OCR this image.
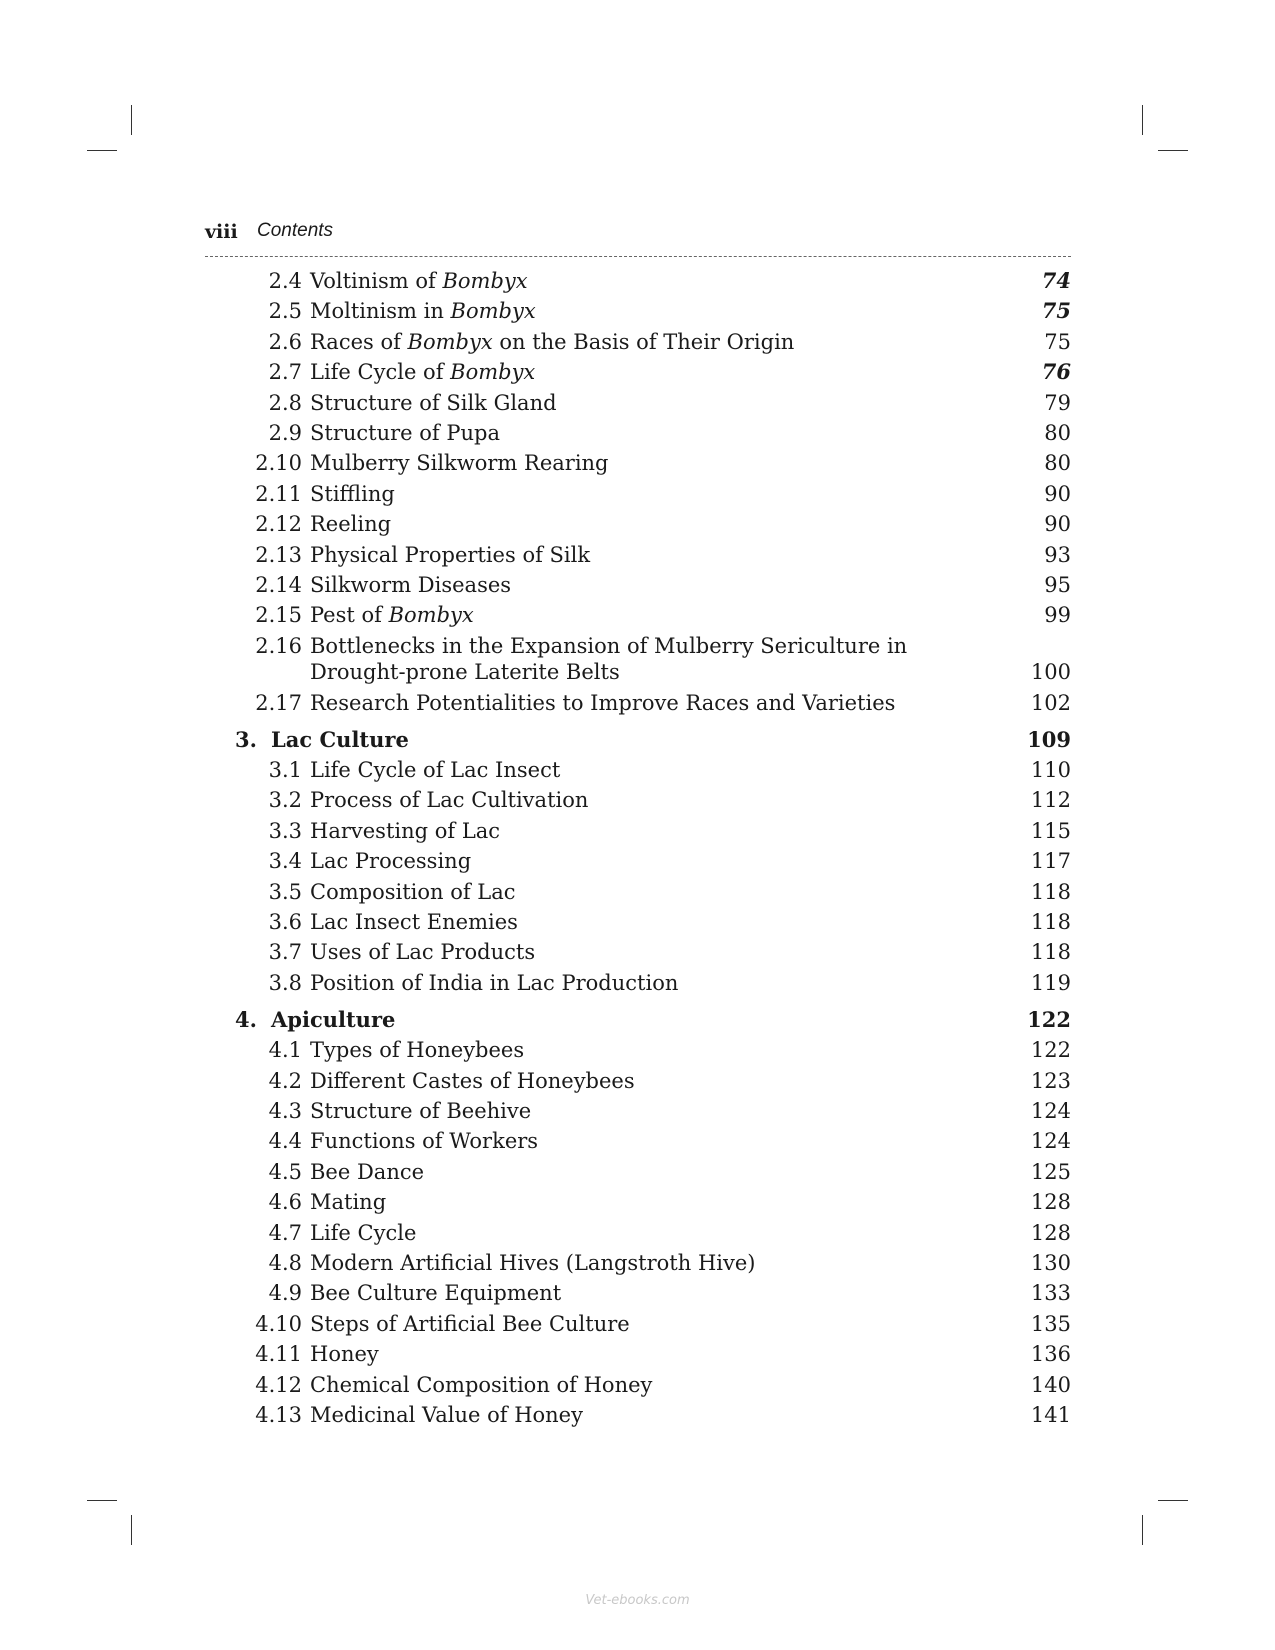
viii Contents
2.4 Voltinism of Bombyx	74
2.5 Moltinism in Bombyx	75
2.6 Races of Bombyx on the Basis of Their Origin	75
2.7 Life Cycle of Bombyx	76
2.8 Structure of Silk Gland	79
2.9 Structure of Pupa	80
2.10 Mulberry Silkworm Rearing	80
2.11 Stiffling	90
2.12 Reeling	90
2.13 Physical Properties of Silk	93
2.14 Silkworm Diseases	95
2.15 Pest of Bombyx	99
2.16 Bottlenecks in the Expansion of Mulberry Sericulture in Drought-prone Laterite Belts	100
2.17 Research Potentialities to Improve Races and Varieties	102
3. Lac Culture	109
3.1 Life Cycle of Lac Insect	110
3.2 Process of Lac Cultivation	112
3.3 Harvesting of Lac	115
3.4 Lac Processing	117
3.5 Composition of Lac	118
3.6 Lac Insect Enemies	118
3.7 Uses of Lac Products	118
3.8 Position of India in Lac Production	119
4. Apiculture	122
4.1 Types of Honeybees	122
4.2 Different Castes of Honeybees	123
4.3 Structure of Beehive	124
4.4 Functions of Workers	124
4.5 Bee Dance	125
4.6 Mating	128
4.7 Life Cycle	128
4.8 Modern Artificial Hives (Langstroth Hive)	130
4.9 Bee Culture Equipment	133
4.10 Steps of Artificial Bee Culture	135
4.11 Honey	136
4.12 Chemical Composition of Honey	140
4.13 Medicinal Value of Honey	141
Vet-ebooks.com
